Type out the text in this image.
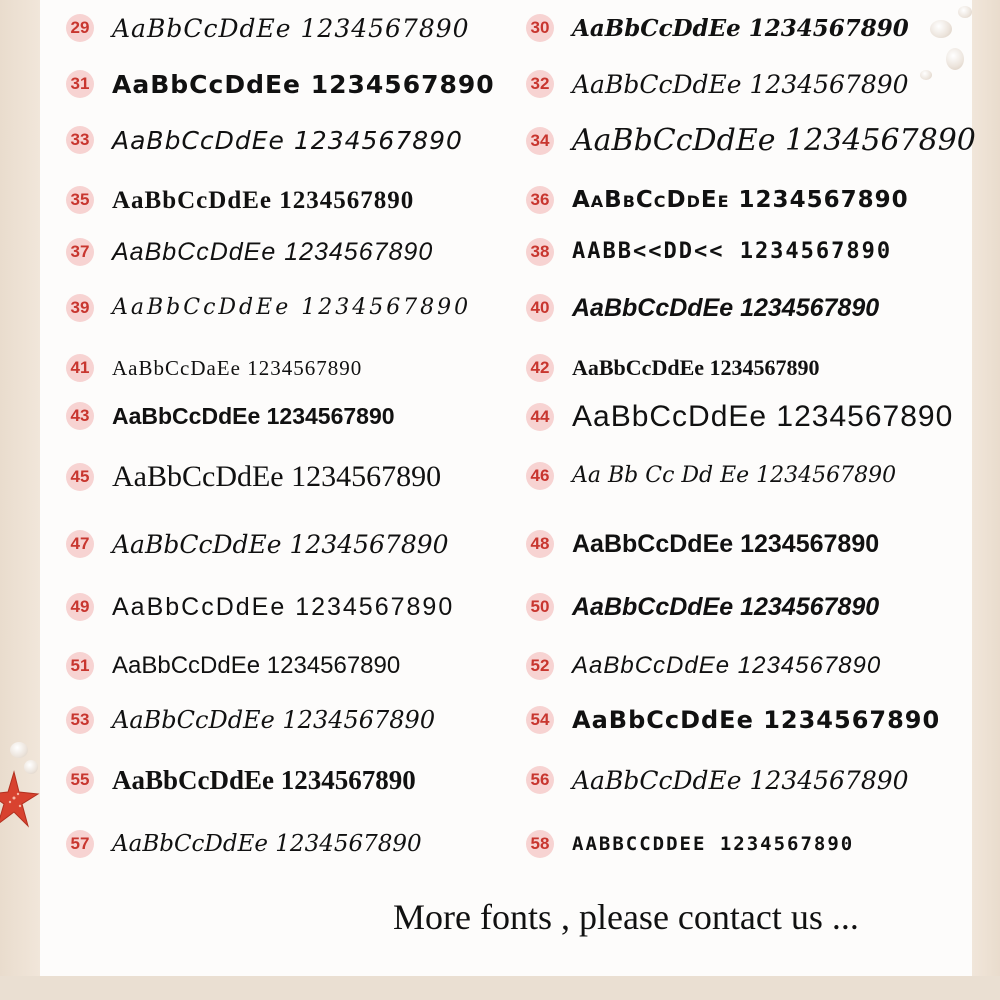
29 AaBbCcDdEe 1234567890	30 AaBbCcDdEe 1234567890
31 AaBbCcDdEe 1234567890 32 AaBbCcDdEe 1234567890
33 AaBbCcDdEe 1234567890	34 AaBbCcDdEe 1234567890
35 AaBbCcDdEe 1234567890	36 AaBbCcDdEe 1234567890
37 AaBbCcDdEe 1234567890	38 AABB<<DD<< 1234567890
39 AaBbCcDdEe 1234567890	40 AaBbCcDdEe 1234567890
41 AaBbCcDaEe 1234567890	42 AaBbCcDdEe 1234567890
43 AaBbCcDdEe 1234567890	44 AaBbCcDdEe 1234567890
45 AaBbCcDdEe 1234567890	46 Aa Bb Cc Dd Ee 1234567890
47 AaBbCcDdEe 1234567890	48 AaBbCcDdEe 1234567890
49 AaBbCcDdEe 1234567890	50 AaBbCcDdEe 1234567890
51 AaBbCcDdEe 1234567890	52 AaBbCcDdEe 1234567890
53 AaBbCcDdEe 1234567890	54 AaBbCcDdEe 1234567890
55 AaBbCcDdEe 1234567890	56 AaBbCcDdEe 1234567890
57 AaBbCcDdEe 1234567890	58 AABBCCDDEE 1234567890
More fonts , please contact us ...
